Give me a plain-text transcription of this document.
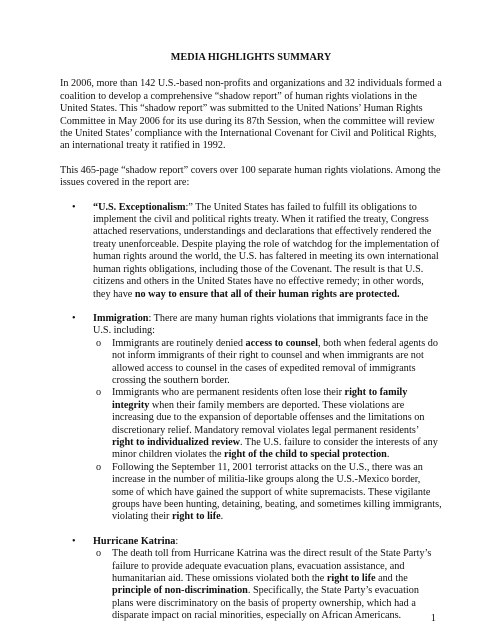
MEDIA HIGHLIGHTS SUMMARY

In 2006, more than 142 U.S.-based non-profits and organizations and 32 individuals formed a coalition to develop a comprehensive “shadow report” of human rights violations in the United States. This “shadow report” was submitted to the United Nations’ Human Rights Committee in May 2006 for its use during its 87th Session, when the committee will review the United States’ compliance with the International Covenant for Civil and Political Rights, an international treaty it ratified in 1992.

This 465-page “shadow report” covers over 100 separate human rights violations. Among the issues covered in the report are:

• “U.S. Exceptionalism:” The United States has failed to fulfill its obligations to implement the civil and political rights treaty. When it ratified the treaty, Congress attached reservations, understandings and declarations that effectively rendered the treaty unenforceable. Despite playing the role of watchdog for the implementation of human rights around the world, the U.S. has faltered in meeting its own international human rights obligations, including those of the Covenant. The result is that U.S. citizens and others in the United States have no effective remedy; in other words, they have no way to ensure that all of their human rights are protected.
• Immigration: There are many human rights violations that immigrants face in the U.S. including:
o Immigrants are routinely denied access to counsel, both when federal agents do not inform immigrants of their right to counsel and when immigrants are not allowed access to counsel in the cases of expedited removal of immigrants crossing the southern border.
o Immigrants who are permanent residents often lose their right to family integrity when their family members are deported. These violations are increasing due to the expansion of deportable offenses and the limitations on discretionary relief. Mandatory removal violates legal permanent residents’ right to individualized review. The U.S. failure to consider the interests of any minor children violates the right of the child to special protection.
o Following the September 11, 2001 terrorist attacks on the U.S., there was an increase in the number of militia-like groups along the U.S.-Mexico border, some of which have gained the support of white supremacists. These vigilante groups have been hunting, detaining, beating, and sometimes killing immigrants, violating their right to life.
• Hurricane Katrina:
o The death toll from Hurricane Katrina was the direct result of the State Party’s failure to provide adequate evacuation plans, evacuation assistance, and humanitarian aid. These omissions violated both the right to life and the principle of non-discrimination. Specifically, the State Party’s evacuation plans were discriminatory on the basis of property ownership, which had a disparate impact on racial minorities, especially on African Americans.	1
